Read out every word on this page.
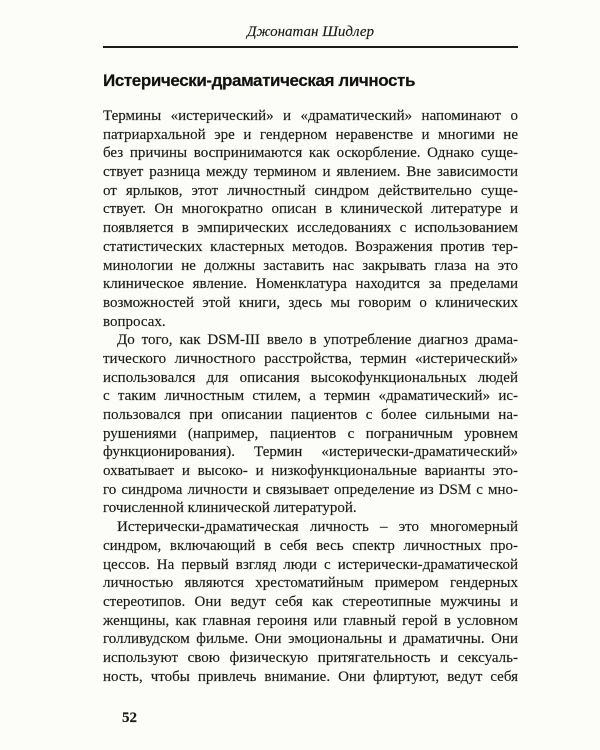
Джонатан Шидлер
Истерически-драматическая личность
Термины «истерический» и «драматический» напоминают о
патриархальной эре и гендерном неравенстве и многими не
без причины воспринимаются как оскорбление. Однако суще-
ствует разница между термином и явлением. Вне зависимости
от ярлыков, этот личностный синдром действительно суще-
ствует. Он многократно описан в клинической литературе и
появляется в эмпирических исследованиях с использованием
статистических кластерных методов. Возражения против тер-
минологии не должны заставить нас закрывать глаза на это
клиническое явление. Номенклатура находится за пределами
возможностей этой книги, здесь мы говорим о клинических
вопросах.
До того, как DSM-III ввело в употребление диагноз драма-
тического личностного расстройства, термин «истерический»
использовался для описания высокофункциональных людей
с таким личностным стилем, а термин «драматический» ис-
пользовался при описании пациентов с более сильными на-
рушениями (например, пациентов с пограничным уровнем
функционирования). Термин «истерически-драматический»
охватывает и высоко- и низкофункциональные варианты это-
го синдрома личности и связывает определение из DSM с мно-
гочисленной клинической литературой.
Истерически-драматическая личность – это многомерный
синдром, включающий в себя весь спектр личностных про-
цессов. На первый взгляд люди с истерически-драматической
личностью являются хрестоматийным примером гендерных
стереотипов. Они ведут себя как стереотипные мужчины и
женщины, как главная героиня или главный герой в условном
голливудском фильме. Они эмоциональны и драматичны. Они
используют свою физическую притягательность и сексуаль-
ность, чтобы привлечь внимание. Они флиртуют, ведут себя
52
